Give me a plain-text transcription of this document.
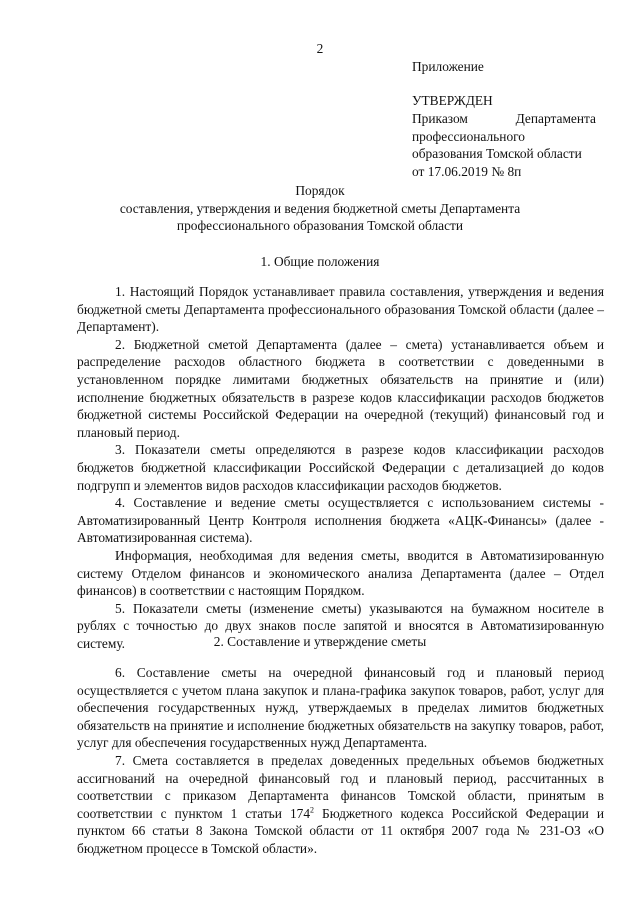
2
Приложение
УТВЕРЖДЕН
Приказом Департамента
профессионального
образования Томской области
от 17.06.2019 № 8п
Порядок
составления, утверждения и ведения бюджетной сметы Департамента
профессионального образования Томской области
1. Общие положения

1. Настоящий Порядок устанавливает правила составления, утверждения и ведения бюджетной сметы Департамента профессионального образования Томской области (далее – Департамент).

2. Бюджетной сметой Департамента (далее – смета) устанавливается объем и распределение расходов областного бюджета в соответствии с доведенными в установленном порядке лимитами бюджетных обязательств на принятие и (или) исполнение бюджетных обязательств в разрезе кодов классификации расходов бюджетов бюджетной системы Российской Федерации на очередной (текущий) финансовый год и плановый период.

3. Показатели сметы определяются в разрезе кодов классификации расходов бюджетов бюджетной классификации Российской Федерации с детализацией до кодов подгрупп и элементов видов расходов классификации расходов бюджетов.

4. Составление и ведение сметы осуществляется с использованием системы - Автоматизированный Центр Контроля исполнения бюджета «АЦК-Финансы» (далее - Автоматизированная система).

Информация, необходимая для ведения сметы, вводится в Автоматизированную систему Отделом финансов и экономического анализа Департамента (далее – Отдел финансов) в соответствии с настоящим Порядком.

5. Показатели сметы (изменение сметы) указываются на бумажном носителе в рублях с точностью до двух знаков после запятой и вносятся в Автоматизированную систему.	2. Составление и утверждение сметы

6. Составление сметы на очередной финансовый год и плановый период осуществляется с учетом плана закупок и плана-графика закупок товаров, работ, услуг для обеспечения государственных нужд, утверждаемых в пределах лимитов бюджетных обязательств на принятие и исполнение бюджетных обязательств на закупку товаров, работ, услуг для обеспечения государственных нужд Департамента.

7. Смета составляется в пределах доведенных предельных объемов бюджетных ассигнований на очередной финансовый год и плановый период, рассчитанных в соответствии с приказом Департамента финансов Томской области, принятым в соответствии с пунктом 1 статьи $174^2$ Бюджетного кодекса Российской Федерации и пунктом 66 статьи 8 Закона Томской области от 11 октября 2007 года № 231-ОЗ «О бюджетном процессе в Томской области».
